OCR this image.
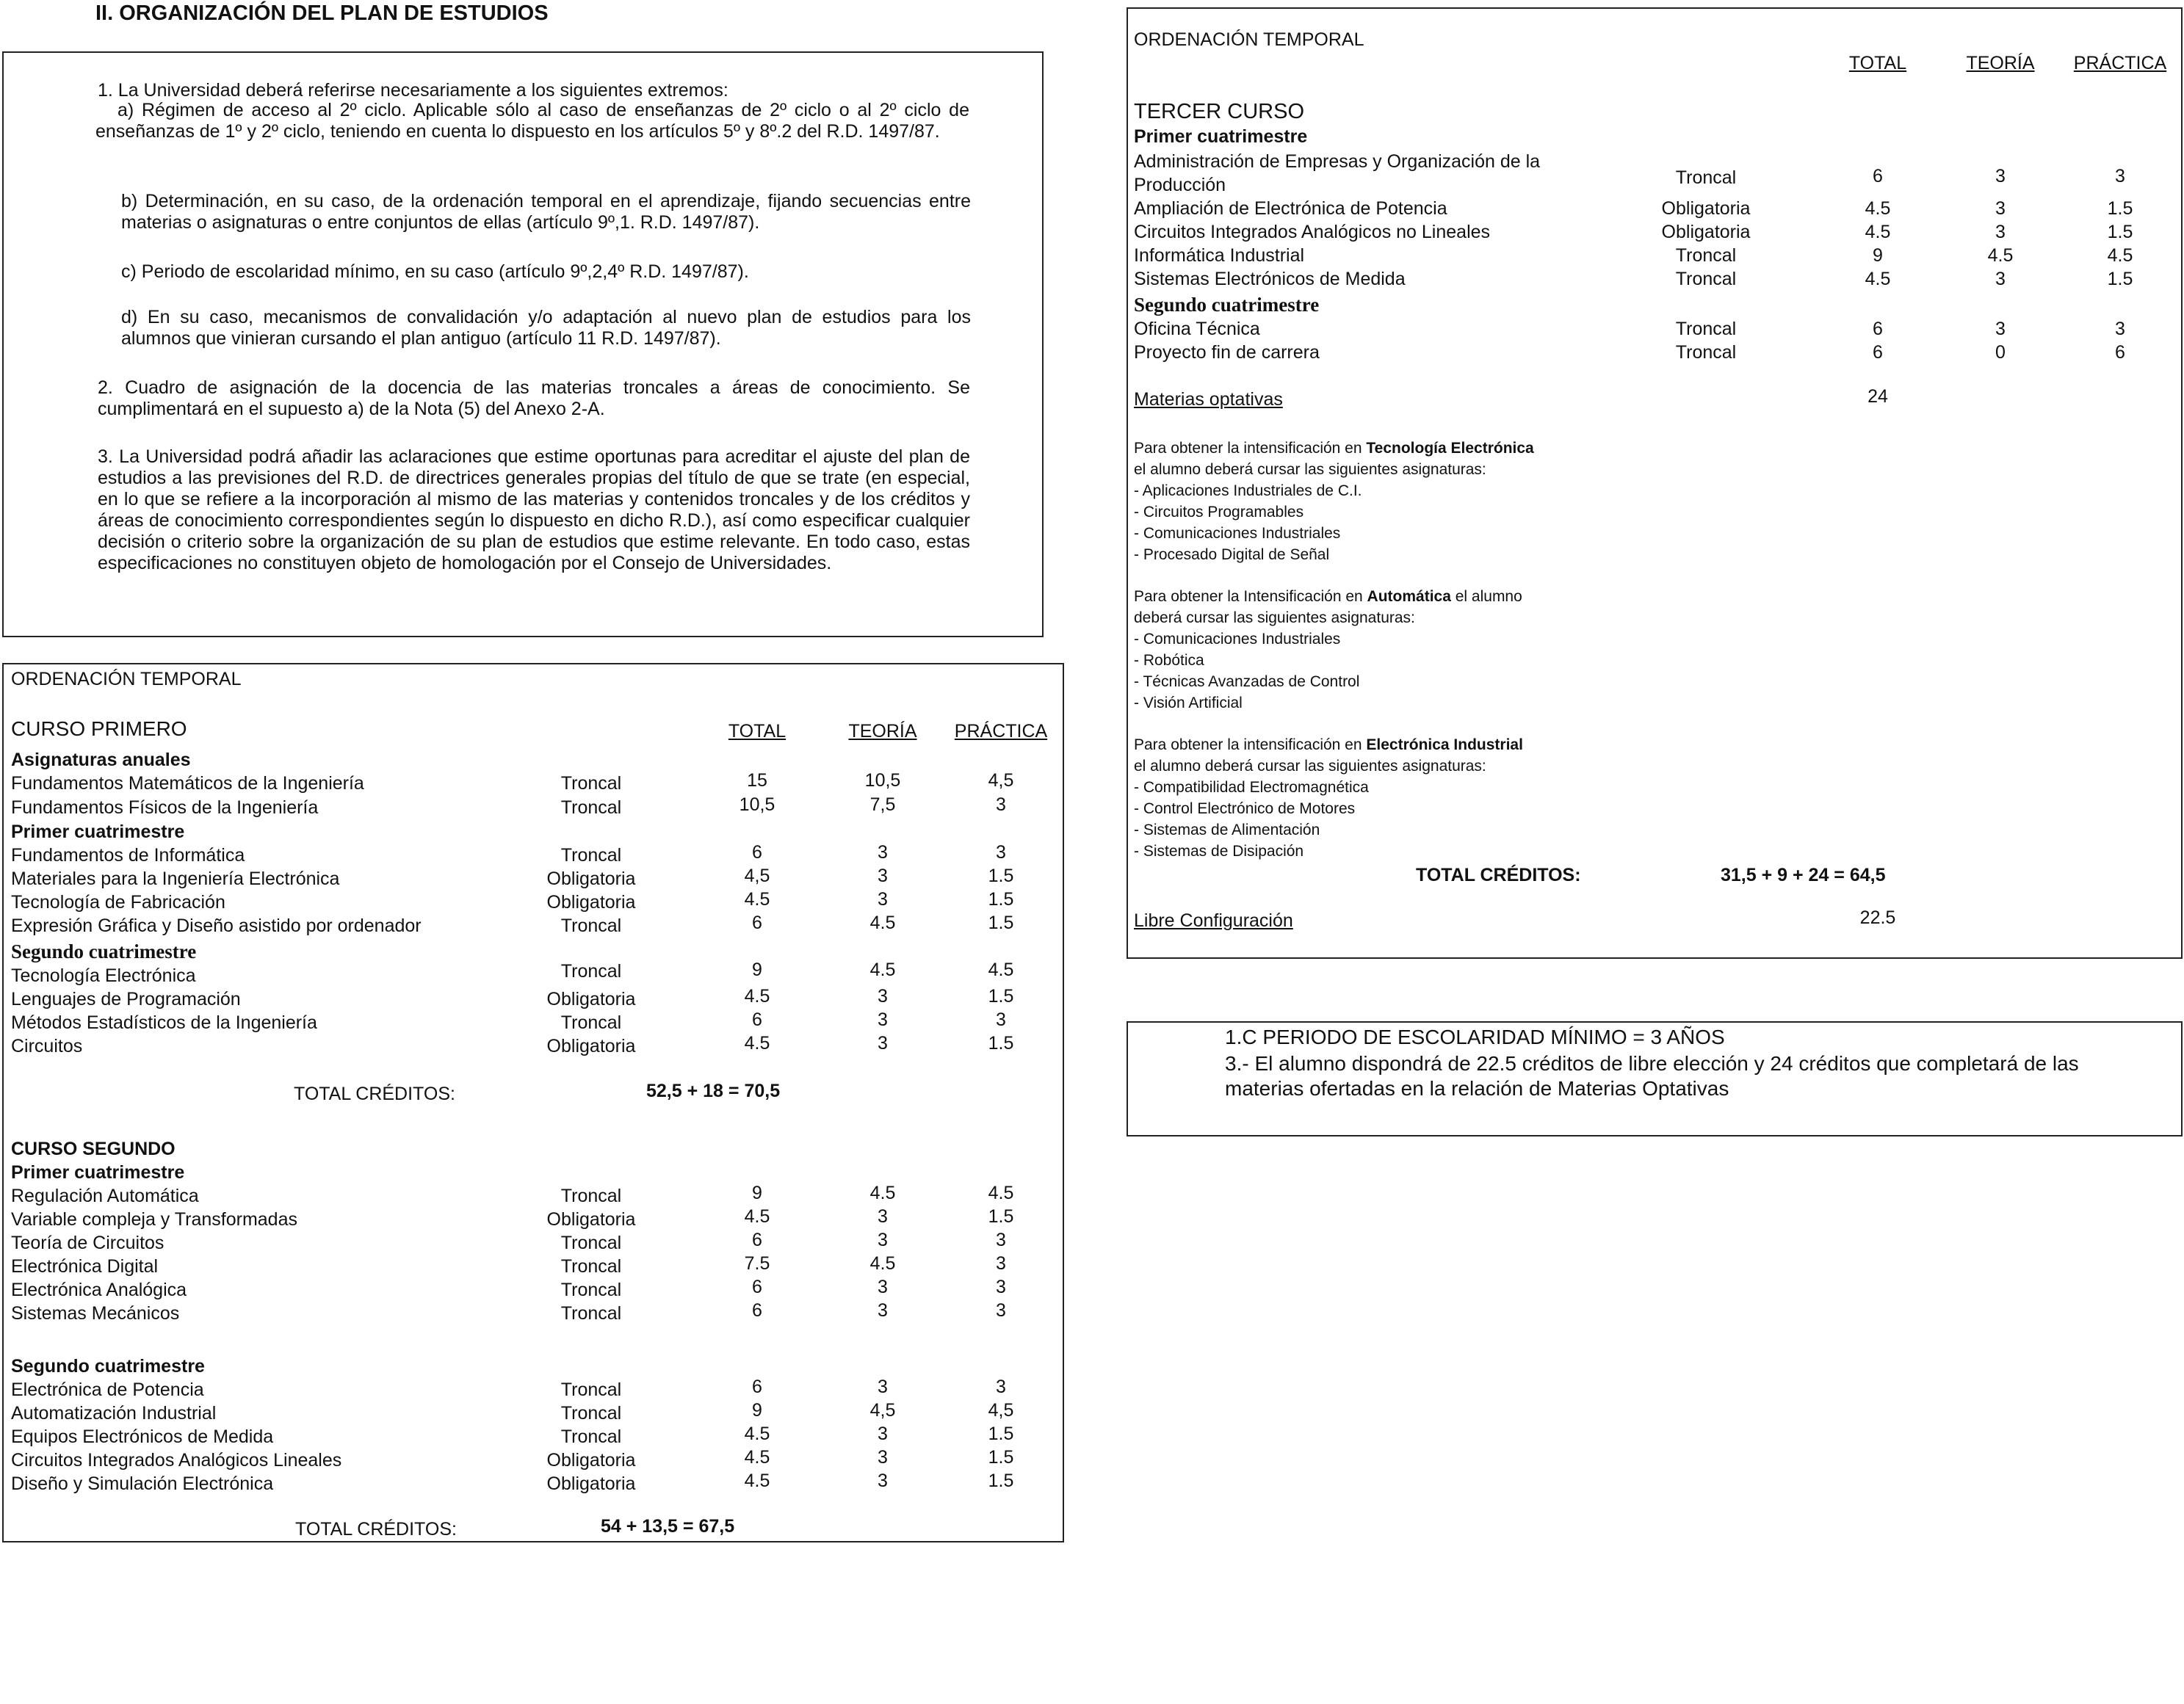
II. ORGANIZACIÓN DEL PLAN DE ESTUDIOS

1. La Universidad deberá referirse necesariamente a los siguientes extremos:

a) Régimen de acceso al 2º ciclo. Aplicable sólo al caso de enseñanzas de 2º ciclo o al 2º ciclo de enseñanzas de 1º y 2º ciclo, teniendo en cuenta lo dispuesto en los artículos 5º y 8º.2 del R.D. 1497/87.

b) Determinación, en su caso, de la ordenación temporal en el aprendizaje, fijando secuencias entre materias o asignaturas o entre conjuntos de ellas (artículo 9º,1. R.D. 1497/87).

c) Periodo de escolaridad mínimo, en su caso (artículo 9º,2,4º R.D. 1497/87).

d) En su caso, mecanismos de convalidación y/o adaptación al nuevo plan de estudios para los alumnos que vinieran cursando el plan antiguo (artículo 11 R.D. 1497/87).

2. Cuadro de asignación de la docencia de las materias troncales a áreas de conocimiento. Se cumplimentará en el supuesto a) de la Nota (5) del Anexo 2-A.

3. La Universidad podrá añadir las aclaraciones que estime oportunas para acreditar el ajuste del plan de estudios a las previsiones del R.D. de directrices generales propias del título de que se trate (en especial, en lo que se refiere a la incorporación al mismo de las materias y contenidos troncales y de los créditos y áreas de conocimiento correspondientes según lo dispuesto en dicho R.D.), así como especificar cualquier decisión o criterio sobre la organización de su plan de estudios que estime relevante. En todo caso, estas especificaciones no constituyen objeto de homologación por el Consejo de Universidades.

ORDENACIÓN TEMPORAL
CURSO PRIMERO	TOTAL	TEORÍA PRÁCTICA
Asignaturas anuales
Fundamentos Matemáticos de la Ingeniería	Troncal	15	10,5	4,5
Fundamentos Físicos de la Ingeniería	Troncal	10,5	7,5	3
Primer cuatrimestre
Fundamentos de Informática	Troncal	6	3	3
Materiales para la Ingeniería Electrónica	Obligatoria	4,5	3	1.5
Tecnología de Fabricación	Obligatoria	4.5	3	1.5
Expresión Gráfica y Diseño asistido por ordenador	Troncal	6	4.5	1.5
Segundo cuatrimestre
Tecnología Electrónica	Troncal	9	4.5	4.5
Lenguajes de Programación	Obligatoria	4.5	3	1.5
Métodos Estadísticos de la Ingeniería	Troncal	6	3	3
Circuitos	Obligatoria	4.5	3	1.5
TOTAL CRÉDITOS:	52,5 + 18 = 70,5
CURSO SEGUNDO
Primer cuatrimestre
Regulación Automática	Troncal	9	4.5	4.5
Variable compleja y Transformadas	Obligatoria	4.5	3	1.5
Teoría de Circuitos	Troncal	6	3	3
Electrónica Digital	Troncal	7.5	4.5	3
Electrónica Analógica	Troncal	6	3	3
Sistemas Mecánicos	Troncal	6	3	3
Segundo cuatrimestre
Electrónica de Potencia	Troncal	6	3	3
Automatización Industrial	Troncal	9	4,5	4,5
Equipos Electrónicos de Medida	Troncal	4.5	3	1.5
Circuitos Integrados Analógicos Lineales	Obligatoria	4.5	3	1.5
Diseño y Simulación Electrónica	Obligatoria	4.5	3	1.5
TOTAL CRÉDITOS:	54 + 13,5 = 67,5
ORDENACIÓN TEMPORAL
TOTAL	TEORÍA PRÁCTICA
TERCER CURSO
Primer cuatrimestre
Administración de Empresas y Organización de la
Producción	Troncal	6	3	3
Ampliación de Electrónica de Potencia	Obligatoria	4.5	3	1.5
Circuitos Integrados Analógicos no Lineales	Obligatoria	4.5	3	1.5
Informática Industrial	Troncal	9	4.5	4.5
Sistemas Electrónicos de Medida	Troncal	4.5	3	1.5
Segundo cuatrimestre
Oficina Técnica	Troncal	6	3	3
Proyecto fin de carrera	Troncal	6	0	6
Materias optativas	24
Para obtener la intensificación en Tecnología Electrónica
el alumno deberá cursar las siguientes asignaturas:
- Aplicaciones Industriales de C.I.
- Circuitos Programables
- Comunicaciones Industriales
- Procesado Digital de Señal
Para obtener la Intensificación en Automática el alumno
deberá cursar las siguientes asignaturas:
- Comunicaciones Industriales
- Robótica
- Técnicas Avanzadas de Control
- Visión Artificial
Para obtener la intensificación en Electrónica Industrial
el alumno deberá cursar las siguientes asignaturas:
- Compatibilidad Electromagnética
- Control Electrónico de Motores
- Sistemas de Alimentación
- Sistemas de Disipación
TOTAL CRÉDITOS:	31,5 + 9 + 24 = 64,5
Libre Configuración	22.5
1.C PERIODO DE ESCOLARIDAD MÍNIMO = 3 AÑOS
3.- El alumno dispondrá de 22.5 créditos de libre elección y 24 créditos que completará de las
materias ofertadas en la relación de Materias Optativas
